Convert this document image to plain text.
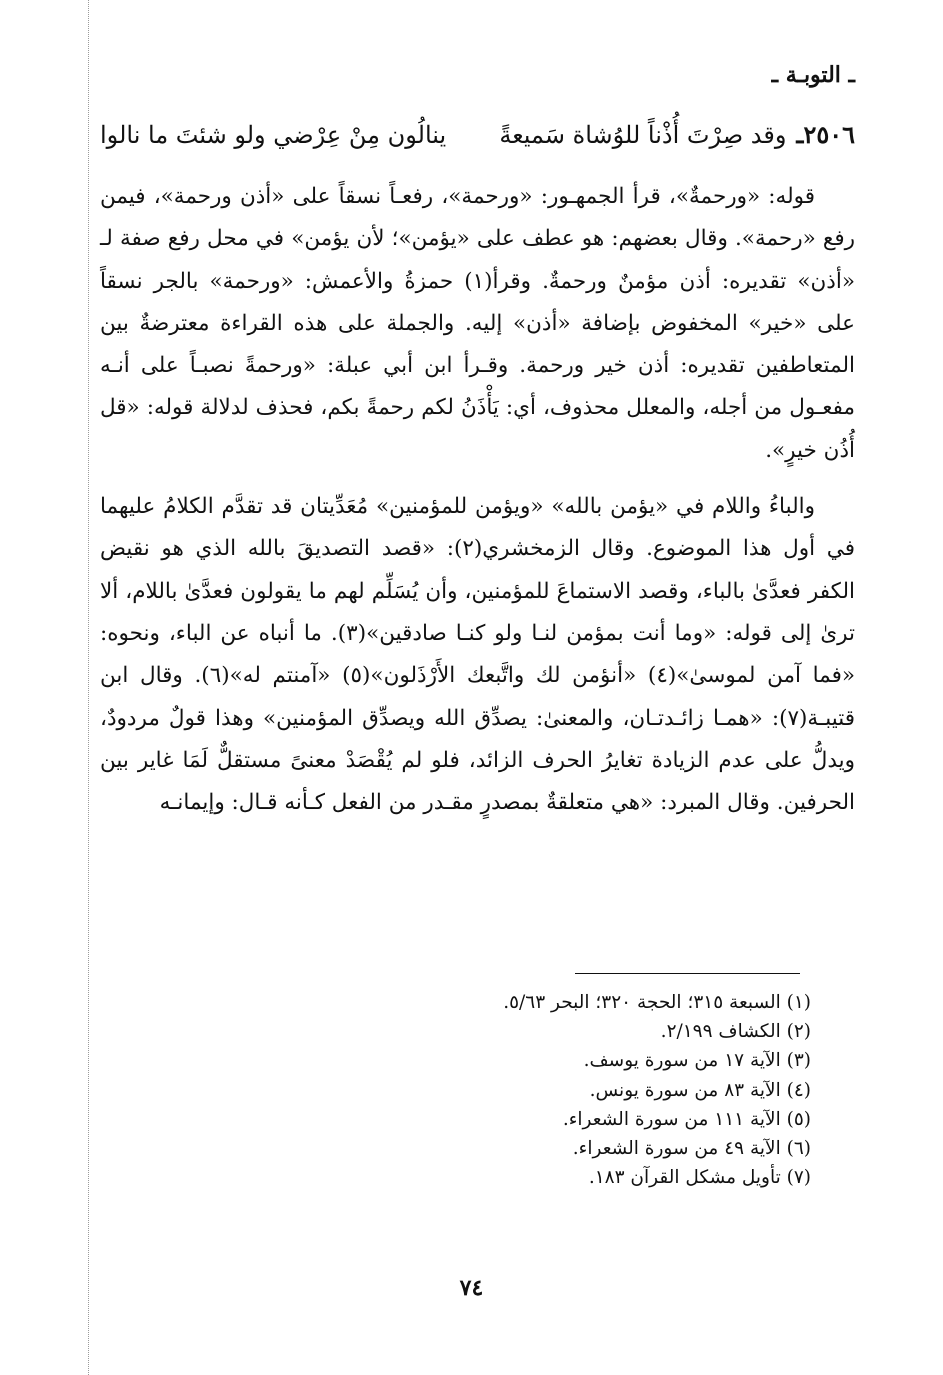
ـ التوبـة ـ
٢٥٠٦ـ
وقد صِرْتَ أُذْناً للوُشاة سَميعةً
ينالُون مِنْ عِرْضي ولو شئتَ ما نالوا

قوله: «ورحمةٌ»، قرأ الجمهـور: «ورحمة»، رفعـاً نسقاً على «أذن ورحمة»، فيمن رفع «رحمة». وقال بعضهم: هو عطف على «يؤمن»؛ لأن يؤمن» في محل رفع صفة لـ «أذن» تقديره: أذن مؤمنٌ ورحمةٌ. وقرأ(١) حمزةُ والأعمش: «ورحمة» بالجر نسقاً على «خير» المخفوض بإضافة «أذن» إليه. والجملة على هذه القراءة معترضةٌ بين المتعاطفين تقديره: أذن خير ورحمة. وقـرأ ابن أبي عبلة: «ورحمةً نصبـاً على أنـه مفعـول من أجله، والمعلل محذوف، أي: يَأْذَنُ لكم رحمةً بكم، فحذف لدلالة قوله: «قل أُذُن خيرٍ».

والباءُ واللام في «يؤمن بالله» «ويؤمن للمؤمنين» مُعَدِّيتان قد تقدَّم الكلامُ عليهما في أول هذا الموضوع. وقال الزمخشري(٢): «قصد التصديقَ بالله الذي هو نقيض الكفر فعدَّىٰ بالباء، وقصد الاستماعَ للمؤمنين، وأن يُسَلِّم لهم ما يقولون فعدَّىٰ باللام، ألا ترىٰ إلى قوله: «وما أنت بمؤمن لنـا ولو كنـا صادقين»(٣). ما أنباه عن الباء، ونحوه: «فما آمن لموسىٰ»(٤) «أنؤمن لك واتَّبعك الأَرْذَلون»(٥) «آمنتم له»(٦). وقال ابن قتيبـة(٧): «همـا زائـدتـان، والمعنىٰ: يصدِّق الله ويصدِّق المؤمنين» وهذا قولٌ مردودٌ، ويدلُّ على عدم الزيادة تغايرُ الحرف الزائد، فلو لم يُقْصَدْ معنىً مستقلٌّ لَمَا غاير بين الحرفين. وقال المبرد: «هي متعلقةٌ بمصدرٍ مقـدر من الفعل كـأنه قـال: وإيمانـه

(١) السبعة ٣١٥؛ الحجة ٣٢٠؛ البحر ٥/٦٣.
(٢) الكشاف ٢/١٩٩.
(٣) الآية ١٧ من سورة يوسف.
(٤) الآية ٨٣ من سورة يونس.
(٥) الآية ١١١ من سورة الشعراء.
(٦) الآية ٤٩ من سورة الشعراء.
(٧) تأويل مشكل القرآن ١٨٣.
٧٤
